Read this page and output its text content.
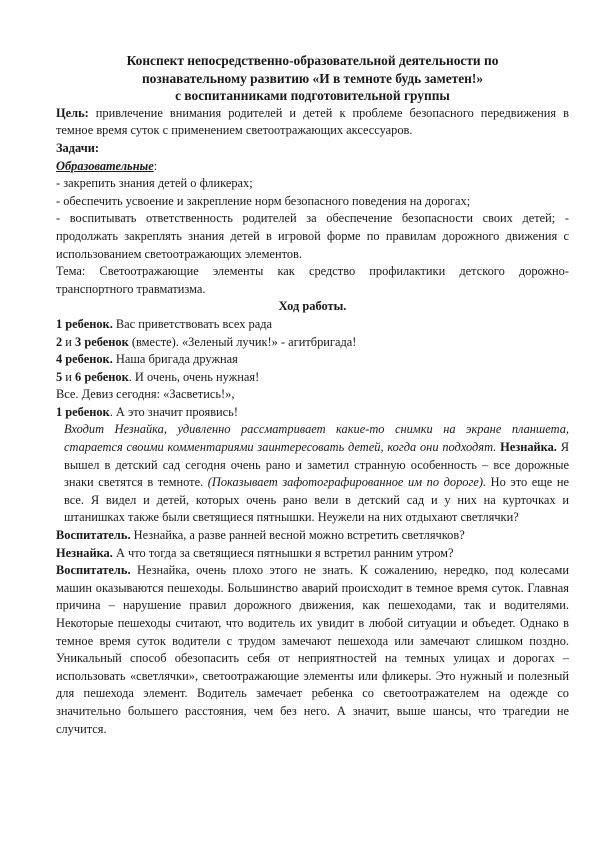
Конспект непосредственно-образовательной деятельности по
познавательному развитию «И в темноте будь заметен!»
с воспитанниками подготовительной группы

Цель: привлечение внимания родителей и детей к проблеме безопасного передвижения в темное время суток с применением светоотражающих аксессуаров.

Задачи:

Образовательные:

- закрепить знания детей о фликерах;

- обеспечить усвоение и закрепление норм безопасного поведения на дорогах;

- воспитывать ответственность родителей за обеспечение безопасности своих детей; - продолжать закреплять знания детей в игровой форме по правилам дорожного движения с использованием светоотражающих элементов.

Тема: Светоотражающие элементы как средство профилактики детского дорожно-транспортного травматизма.

Ход работы.

1 ребенок. Вас приветствовать всех рада

2 и 3 ребенок (вместе). «Зеленый лучик!» - агитбригада!

4 ребенок. Наша бригада дружная

5 и 6 ребенок. И очень, очень нужная!

Все. Девиз сегодня: «Засветись!»,

1 ребенок. А это значит проявись!

Входит Незнайка, удивленно рассматривает какие-то снимки на экране планшета, старается своими комментариями заинтересовать детей, когда они подходят. Незнайка. Я вышел в детский сад сегодня очень рано и заметил странную особенность – все дорожные знаки светятся в темноте. (Показывает зафотографированное им по дороге). Но это еще не все. Я видел и детей, которых очень рано вели в детский сад и у них на курточках и штанишках также были светящиеся пятнышки. Неужели на них отдыхают светлячки?

Воспитатель. Незнайка, а разве ранней весной можно встретить светлячков?

Незнайка. А что тогда за светящиеся пятнышки я встретил ранним утром?

Воспитатель. Незнайка, очень плохо этого не знать. К сожалению, нередко, под колесами машин оказываются пешеходы. Большинство аварий происходит в темное время суток. Главная причина – нарушение правил дорожного движения, как пешеходами, так и водителями. Некоторые пешеходы считают, что водитель их увидит в любой ситуации и объедет. Однако в темное время суток водители с трудом замечают пешехода или замечают слишком поздно. Уникальный способ обезопасить себя от неприятностей на темных улицах и дорогах – использовать «светлячки», светоотражающие элементы или фликеры. Это нужный и полезный для пешехода элемент. Водитель замечает ребенка со светоотражателем на одежде со значительно большего расстояния, чем без него. А значит, выше шансы, что трагедии не случится.
